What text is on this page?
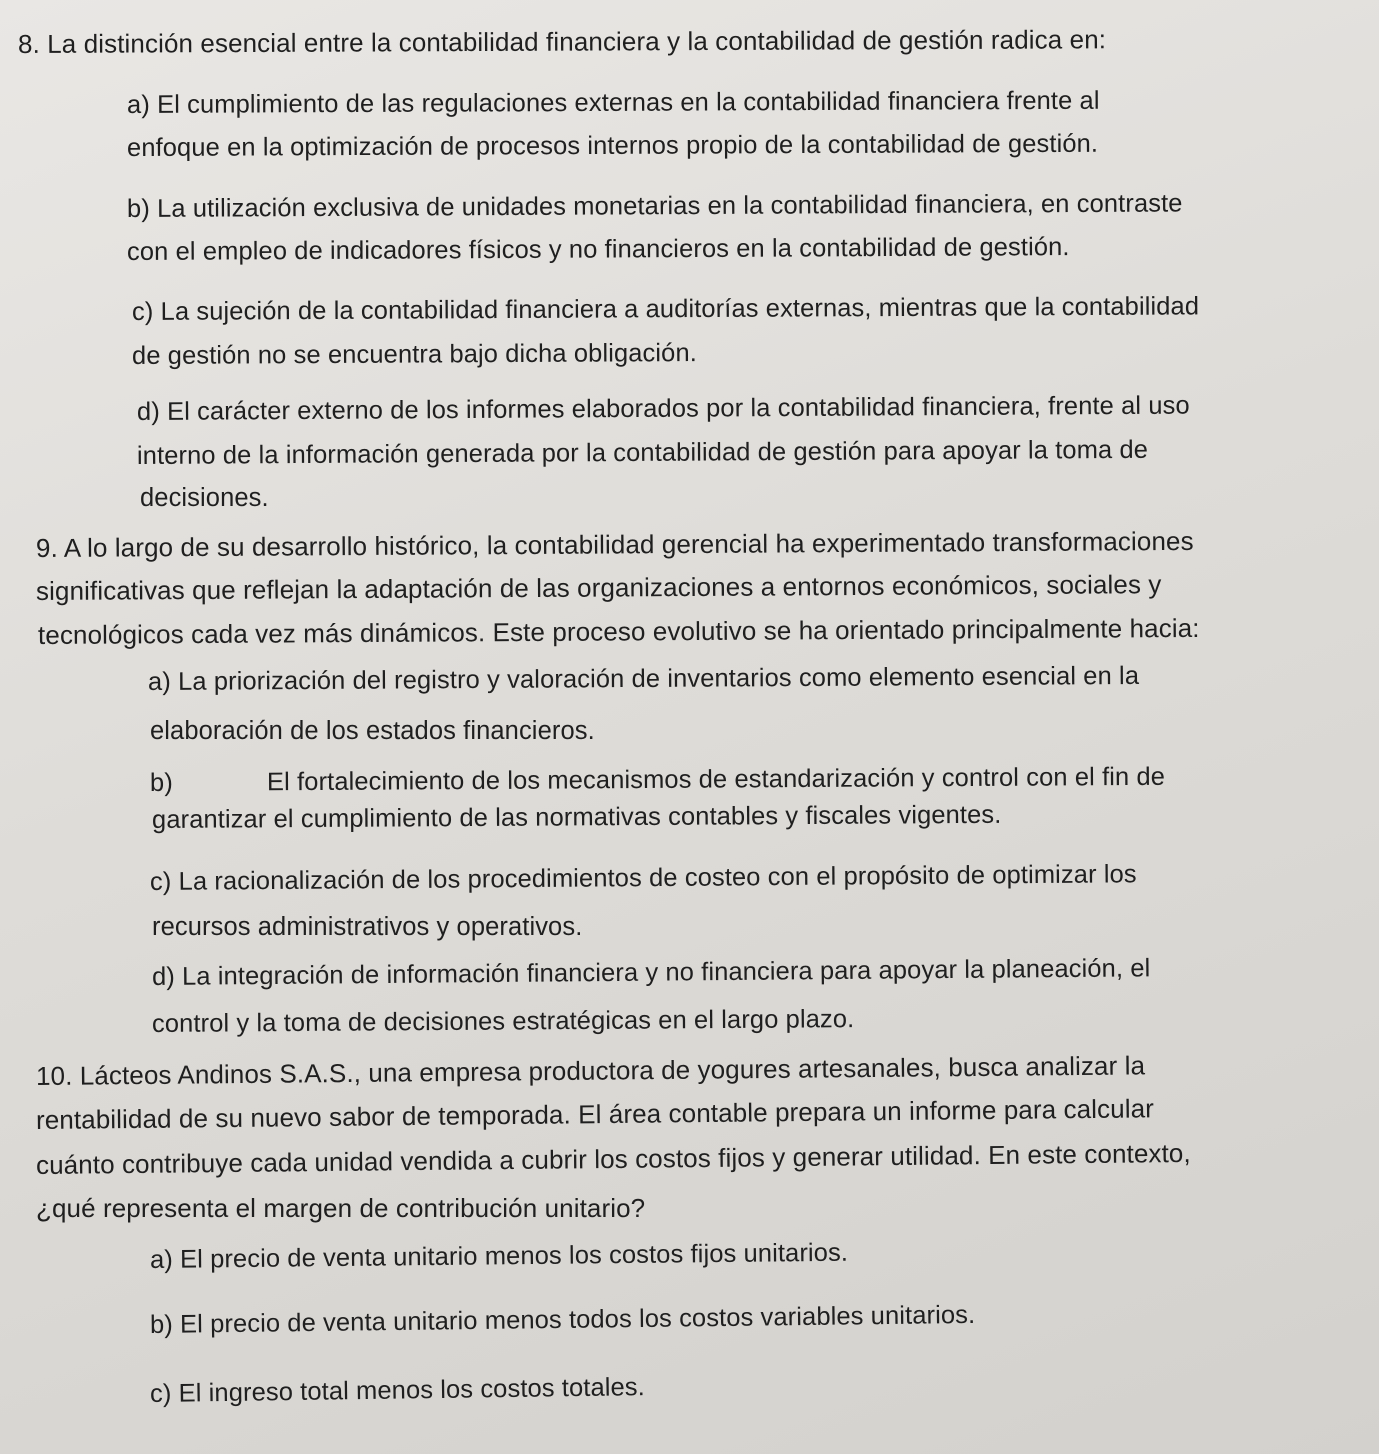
8. La distinción esencial entre la contabilidad financiera y la contabilidad de gestión radica en:
a) El cumplimiento de las regulaciones externas en la contabilidad financiera frente al
enfoque en la optimización de procesos internos propio de la contabilidad de gestión.
b) La utilización exclusiva de unidades monetarias en la contabilidad financiera, en contraste
con el empleo de indicadores físicos y no financieros en la contabilidad de gestión.
c) La sujeción de la contabilidad financiera a auditorías externas, mientras que la contabilidad
de gestión no se encuentra bajo dicha obligación.
d) El carácter externo de los informes elaborados por la contabilidad financiera, frente al uso
interno de la información generada por la contabilidad de gestión para apoyar la toma de
decisiones.
9. A lo largo de su desarrollo histórico, la contabilidad gerencial ha experimentado transformaciones
significativas que reflejan la adaptación de las organizaciones a entornos económicos, sociales y
tecnológicos cada vez más dinámicos. Este proceso evolutivo se ha orientado principalmente hacia:
a) La priorización del registro y valoración de inventarios como elemento esencial en la
elaboración de los estados financieros.
b)	El fortalecimiento de los mecanismos de estandarización y control con el fin de
garantizar el cumplimiento de las normativas contables y fiscales vigentes.
c) La racionalización de los procedimientos de costeo con el propósito de optimizar los
recursos administrativos y operativos.
d) La integración de información financiera y no financiera para apoyar la planeación, el
control y la toma de decisiones estratégicas en el largo plazo.
10. Lácteos Andinos S.A.S., una empresa productora de yogures artesanales, busca analizar la
rentabilidad de su nuevo sabor de temporada. El área contable prepara un informe para calcular
cuánto contribuye cada unidad vendida a cubrir los costos fijos y generar utilidad. En este contexto,
¿qué representa el margen de contribución unitario?
a) El precio de venta unitario menos los costos fijos unitarios.
b) El precio de venta unitario menos todos los costos variables unitarios.
c) El ingreso total menos los costos totales.
